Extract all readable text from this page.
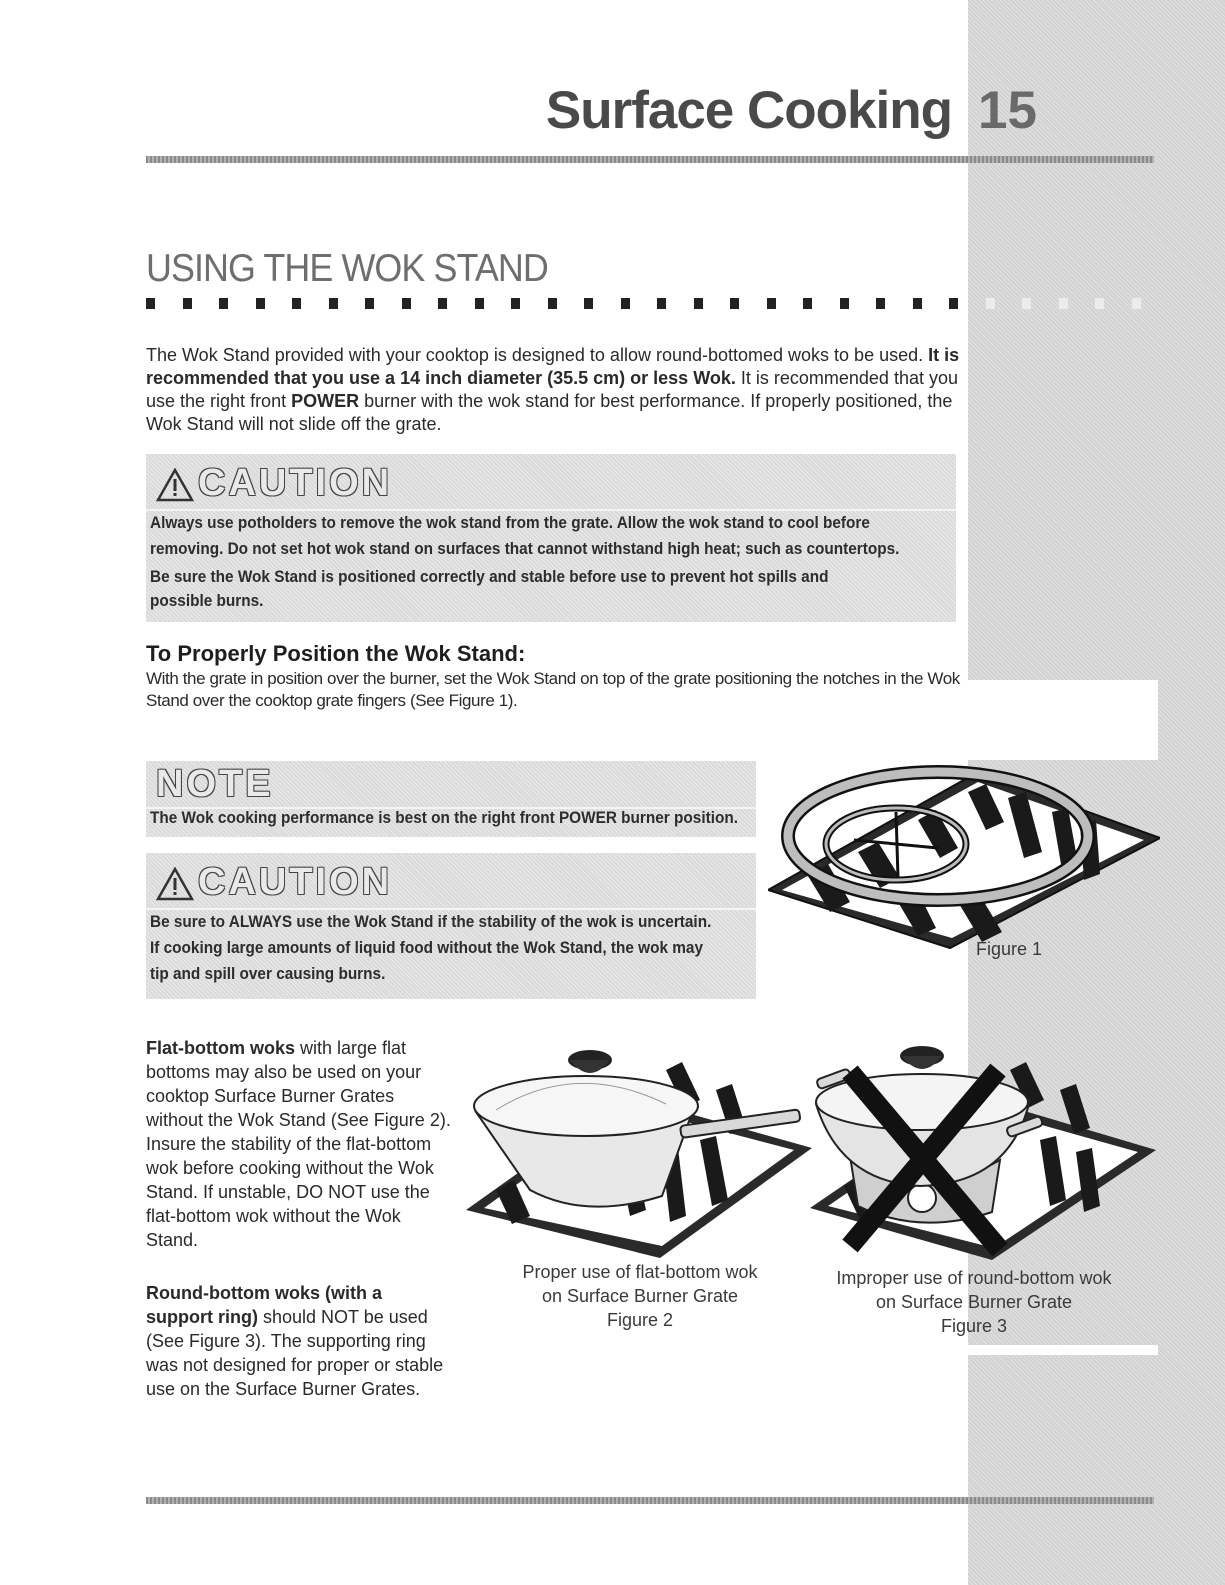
Surface Cooking 15
USING THE WOK STAND
The Wok Stand provided with your cooktop is designed to allow round-bottomed woks to be used. It is recommended that you use a 14 inch diameter (35.5 cm) or less Wok. It is recommended that you use the right front POWER burner with the wok stand for best performance. If properly positioned, the Wok Stand will not slide off the grate.
CAUTION
Always use potholders to remove the wok stand from the grate. Allow the wok stand to cool before
removing. Do not set hot wok stand on surfaces that cannot withstand high heat; such as countertops.
Be sure the Wok Stand is positioned correctly and stable before use to prevent hot spills and
possible burns.
To Properly Position the Wok Stand:
With the grate in position over the burner, set the Wok Stand on top of the grate positioning the notches in the Wok Stand over the cooktop grate fingers (See Figure 1).
NOTE
The Wok cooking performance is best on the right front POWER burner position.
CAUTION
Be sure to ALWAYS use the Wok Stand if the stability of the wok is uncertain.
If cooking large amounts of liquid food without the Wok Stand, the wok may
tip and spill over causing burns.
Figure 1
Flat-bottom woks with large flat bottoms may also be used on your cooktop Surface Burner Grates without the Wok Stand (See Figure 2). Insure the stability of the flat-bottom wok before cooking without the Wok Stand. If unstable, DO NOT use the flat-bottom wok without the Wok Stand.
Round-bottom woks (with a support ring) should NOT be used (See Figure 3). The supporting ring was not designed for proper or stable use on the Surface Burner Grates.
Proper use of flat-bottom wok
on Surface Burner Grate
Figure 2
Improper use of round-bottom wok
on Surface Burner Grate
Figure 3
